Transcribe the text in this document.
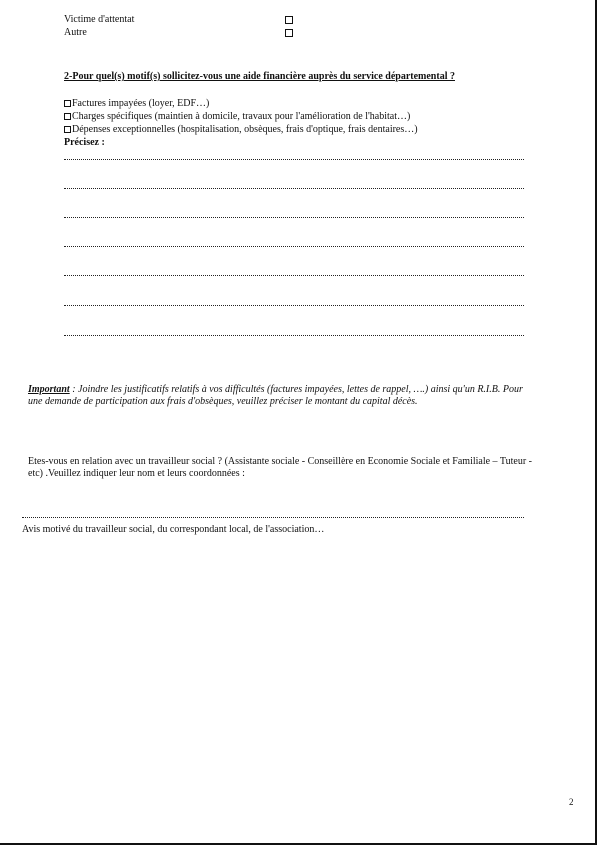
Victime d'attentat
Autre
2-Pour quel(s) motif(s) sollicitez-vous une aide financière auprès du service départemental ?
Factures impayées (loyer, EDF…)
Charges spécifiques (maintien à domicile, travaux pour l'amélioration de l'habitat…)
Dépenses exceptionnelles (hospitalisation, obsèques, frais d'optique, frais dentaires…)
Précisez :
Important : Joindre les justificatifs relatifs à vos difficultés (factures impayées, lettes de rappel, ….) ainsi qu'un R.I.B. Pour une demande de participation aux frais d'obsèques, veuillez préciser le montant du capital décès.
Etes-vous en relation avec un travailleur social ? (Assistante sociale - Conseillère en Economie Sociale et Familiale – Tuteur -etc) .Veuillez indiquer leur nom et leurs coordonnées :
Avis motivé du travailleur social, du correspondant local, de l'association…
2
